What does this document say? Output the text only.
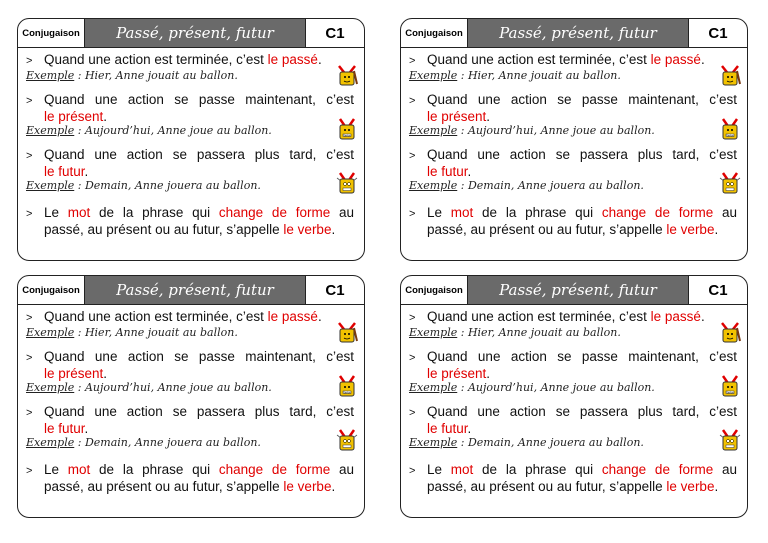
Conjugaison	Passé, présent, futur	C1
> Quand une action est terminée, c’est le passé.
Exemple : Hier, Anne jouait au ballon.
> Quand une action se passe maintenant, c’est
le présent.
Exemple : Aujourd’hui, Anne joue au ballon.
> Quand une action se passera plus tard, c’est
le futur.
Exemple : Demain, Anne jouera au ballon.
> Le mot de la phrase qui change de forme au
passé, au présent ou au futur, s’appelle le verbe.
Verbe
Conjugaison	Passé, présent, futur	C1
> Quand une action est terminée, c’est le passé.
Exemple : Hier, Anne jouait au ballon.
> Quand une action se passe maintenant, c’est
le présent.
Exemple : Aujourd’hui, Anne joue au ballon.
> Quand une action se passera plus tard, c’est
le futur.
Exemple : Demain, Anne jouera au ballon.
> Le mot de la phrase qui change de forme au
passé, au présent ou au futur, s’appelle le verbe.
Verbe
Conjugaison	Passé, présent, futur	C1
> Quand une action est terminée, c’est le passé.
Exemple : Hier, Anne jouait au ballon.
> Quand une action se passe maintenant, c’est
le présent.
Exemple : Aujourd’hui, Anne joue au ballon.
> Quand une action se passera plus tard, c’est
le futur.
Exemple : Demain, Anne jouera au ballon.
> Le mot de la phrase qui change de forme au
passé, au présent ou au futur, s’appelle le verbe.
Verbe
Conjugaison	Passé, présent, futur	C1
> Quand une action est terminée, c’est le passé.
Exemple : Hier, Anne jouait au ballon.
> Quand une action se passe maintenant, c’est
le présent.
Exemple : Aujourd’hui, Anne joue au ballon.
> Quand une action se passera plus tard, c’est
le futur.
Exemple : Demain, Anne jouera au ballon.
> Le mot de la phrase qui change de forme au
passé, au présent ou au futur, s’appelle le verbe.
Verbe
